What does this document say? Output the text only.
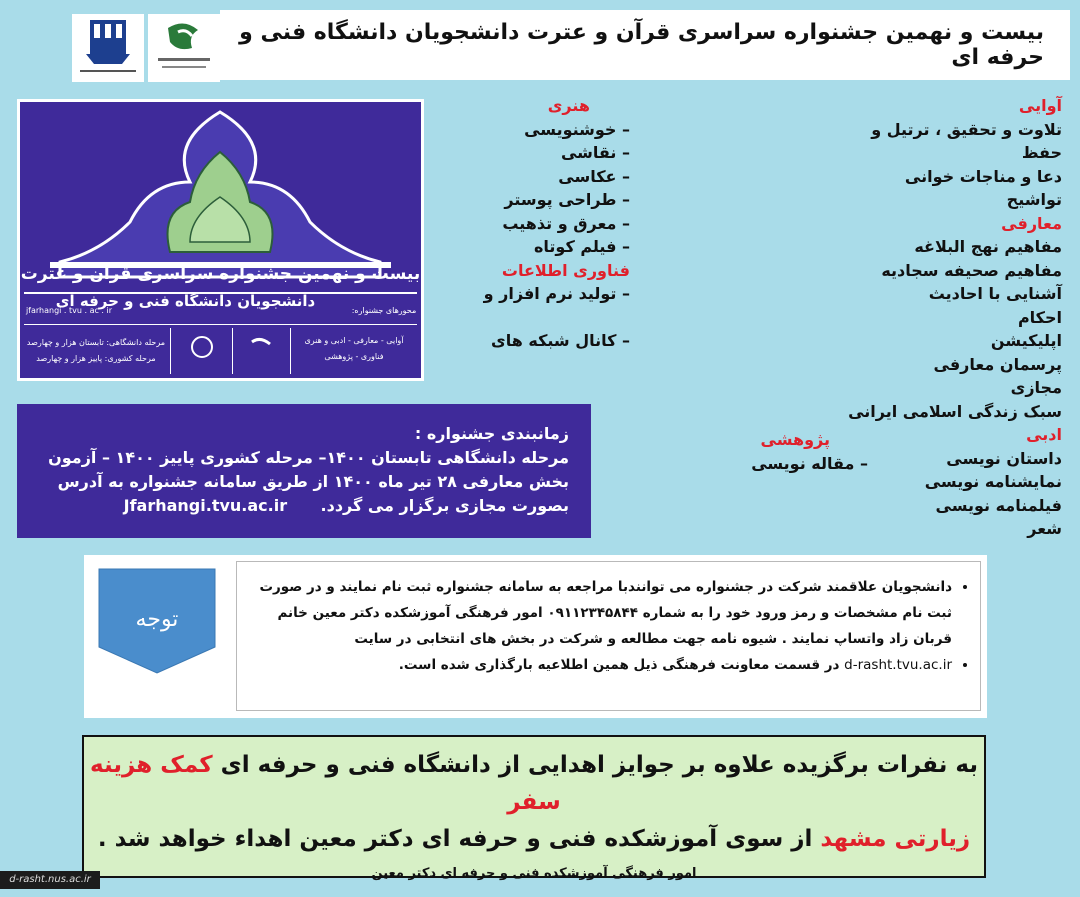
بیست و نهمین جشنواره سراسری قرآن و عترت دانشجویان دانشگاه فنی و حرفه ای
بیست و نهمین جشنواره سراسری قرآن و عترت
دانشجویان دانشگاه فنی و حرفه ای
jfarhangi . tvu . ac . ir	محورهای جشنواره:
آوایی - معارفی - ادبی و هنری
فناوری - پژوهشی
مرحله دانشگاهی: تابستان هزار و چهارصد
مرحله کشوری: پاییز هزار و چهارصد
آوایی
تلاوت و تحقیق ، ترتیل و حفظ
دعا و مناجات خوانی
تواشیح
معارفی
مفاهیم نهج البلاغه
مفاهیم صحیفه سجادیه
آشنایی با احادیث
احکام
اپلیکیشن
پرسمان معارفی
مجازی
سبک زندگی اسلامی ایرانی
ادبی
داستان نویسی
نمایشنامه نویسی
فیلمنامه نویسی
شعر
هنری
– خوشنویسی
– نقاشی
– عکاسی
– طراحی پوستر
– معرق و تذهیب
– فیلم کوتاه
فناوری اطلاعات
– تولید نرم افزار و
– کانال شبکه های
پژوهشی
– مقاله نویسی
زمانبندی جشنواره :
مرحله دانشگاهی تابستان ۱۴۰۰– مرحله کشوری پاییز ۱۴۰۰ – آزمون
بخش معارفی ۲۸ تیر ماه ۱۴۰۰ از طریق سامانه جشنواره به آدرس
بصورت مجازی برگزار می گردد.      Jfarhangi.tvu.ac.ir
توجه
• دانشجویان علاقمند شرکت در جشنواره می توانندبا مراجعه به سامانه جشنواره ثبت نام نمایند و در صورت
ثبت نام مشخصات و رمز ورود خود را به شماره ۰۹۱۱۲۳۴۵۸۴۴ امور فرهنگی آموزشکده دکتر معین خانم
قربان زاد واتساپ نمایند . شیوه نامه جهت مطالعه و شرکت در بخش های انتخابی در سایت
• d-rasht.tvu.ac.ir در قسمت معاونت فرهنگی ذیل همین اطلاعیه بارگذاری شده است.
به نفرات برگزیده علاوه بر جوایز اهدایی از دانشگاه فنی و حرفه ای کمک هزینه سفر
زیارتی مشهد از سوی آموزشکده فنی و حرفه ای دکتر معین اهداء خواهد شد .
امور فرهنگی آموزشکده فنی و حرفه ای دکتر معین
d-rasht.nus.ac.ir
